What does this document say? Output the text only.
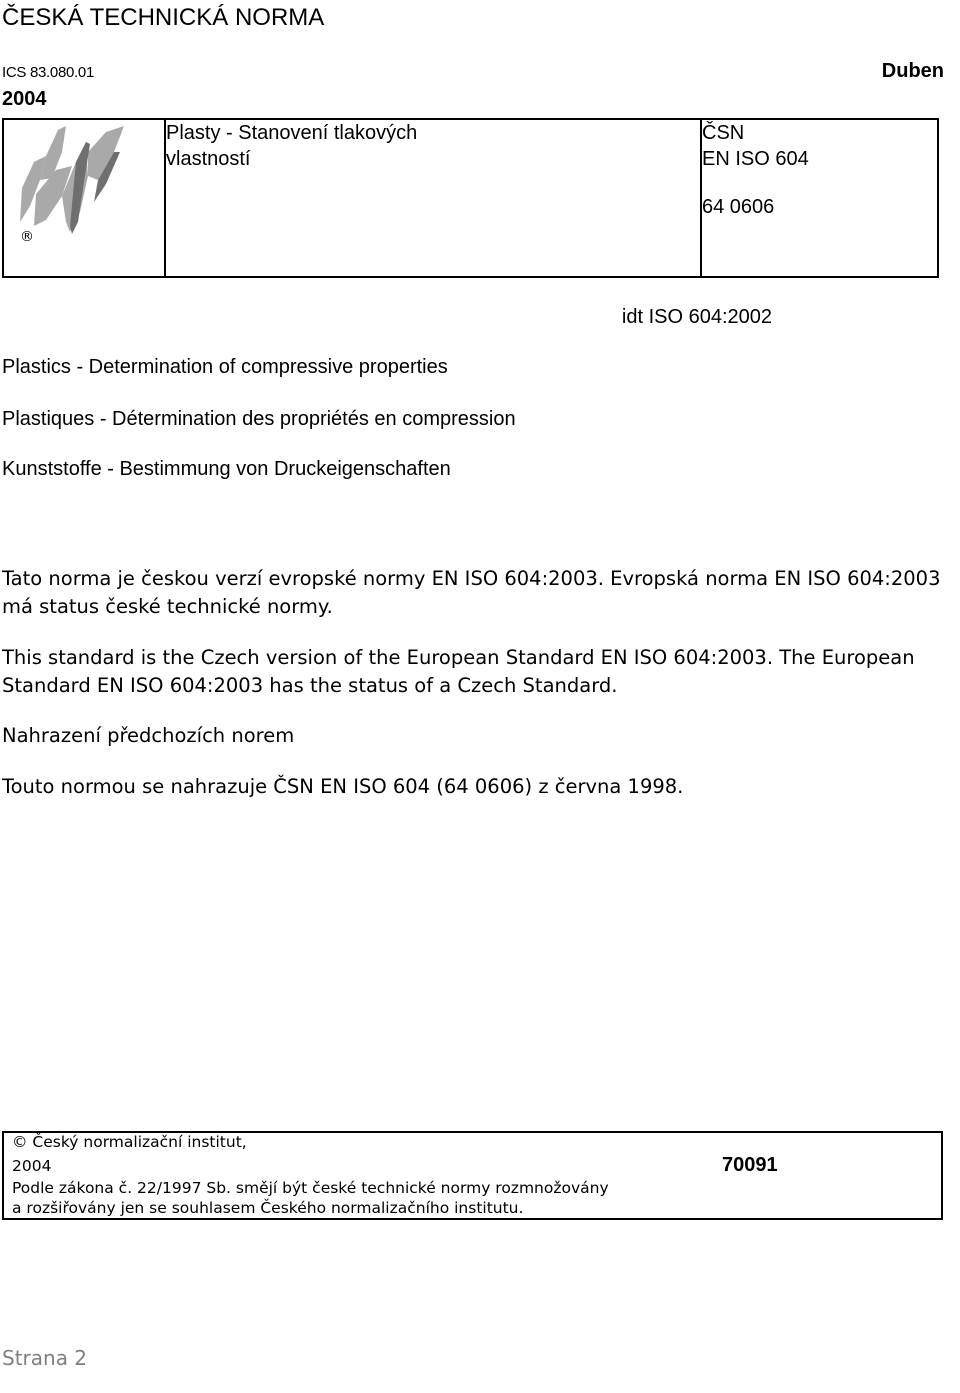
ČESKÁ TECHNICKÁ NORMA
ICS 83.080.01	Duben
2004
®
Plasty - Stanovení tlakových
vlastností
ČSN
EN ISO 604
64 0606
idt ISO 604:2002
Plastics - Determination of compressive properties
Plastiques - Détermination des propriétés en compression
Kunststoffe - Bestimmung von Druckeigenschaften
Tato norma je českou verzí evropské normy EN ISO 604:2003. Evropská norma EN ISO 604:2003 má status české technické normy.
This standard is the Czech version of the European Standard EN ISO 604:2003. The European Standard EN ISO 604:2003 has the status of a Czech Standard.
Nahrazení předchozích norem
Touto normou se nahrazuje ČSN EN ISO 604 (64 0606) z června 1998.
© Český normalizační institut,
2004	70091
Podle zákona č. 22/1997 Sb. smějí být české technické normy rozmnožovány
a rozšiřovány jen se souhlasem Českého normalizačního institutu.
Strana 2
